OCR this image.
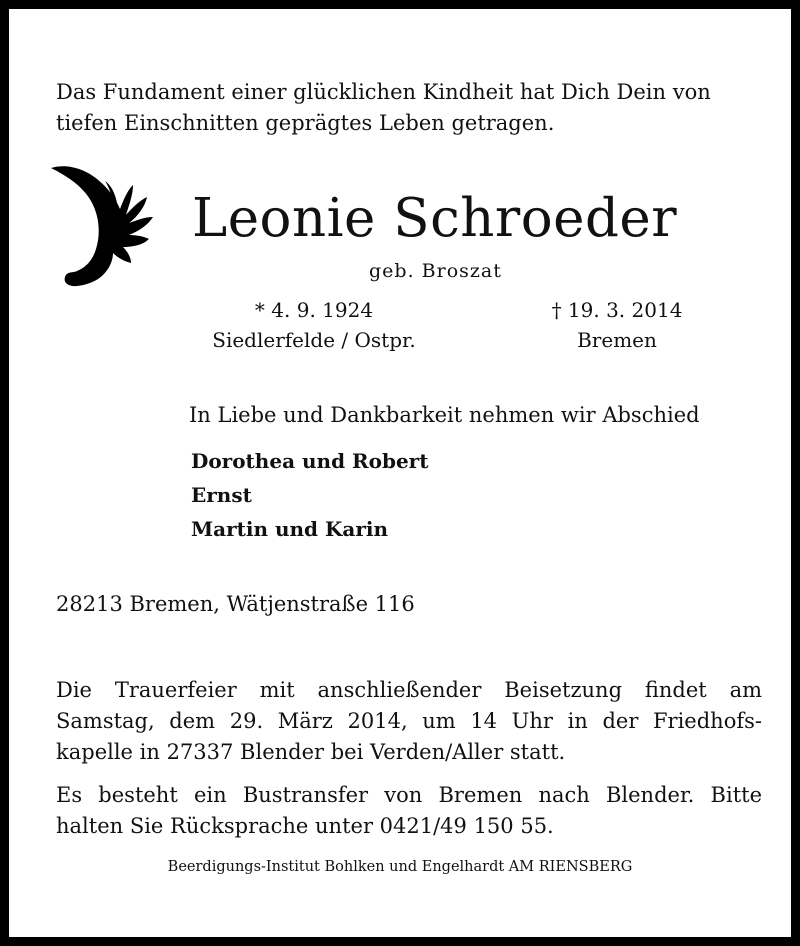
Das Fundament einer glücklichen Kindheit hat Dich Dein von
tiefen Einschnitten geprägtes Leben getragen.
Leonie Schroeder
geb. Broszat
* 4. 9. 1924
Siedlerfelde / Ostpr.
† 19. 3. 2014
Bremen
In Liebe und Dankbarkeit nehmen wir Abschied
Dorothea und Robert
Ernst
Martin und Karin
28213 Bremen, Wätjenstraße 116
Die Trauerfeier mit anschließender Beisetzung findet am
Samstag, dem 29. März 2014, um 14 Uhr in der Friedhofs-
kapelle in 27337 Blender bei Verden/Aller statt.
Es besteht ein Bustransfer von Bremen nach Blender. Bitte
halten Sie Rücksprache unter 0421/49 150 55.
Beerdigungs-Institut Bohlken und Engelhardt AM RIENSBERG
